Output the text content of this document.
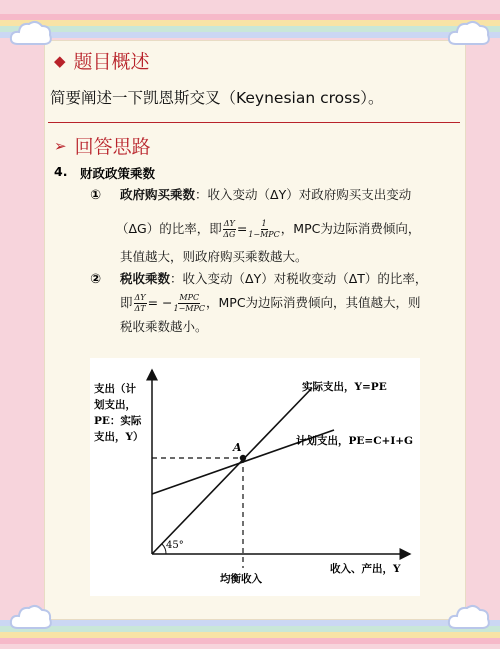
◆ 题目概述
简要阐述一下凯恩斯交叉（Keynesian cross）。
➢ 回答思路
4. 财政政策乘数
① 政府购买乘数：收入变动（ΔY）对政府购买支出变动
（ΔG）的比率，即 $\frac{\Delta Y}{\Delta G} = \frac{1}{\text{1−MPC}}$ ，MPC为边际消费倾向，
其值越大，则政府购买乘数越大。
② 税收乘数：收入变动（ΔY）对税收变动（ΔT）的比率，
即 $\frac{\Delta Y}{\Delta T}$ = − $\frac{\text{MPC}}{\text{1−MPC}}$ ，MPC为边际消费倾向，其值越大，则
税收乘数越小。
A
45°
支出（计
划支出，
PE：实际
支出，Y）
实际支出，Y=PE
计划支出，PE=C+I+G
收入、产出，Y
均衡收入
